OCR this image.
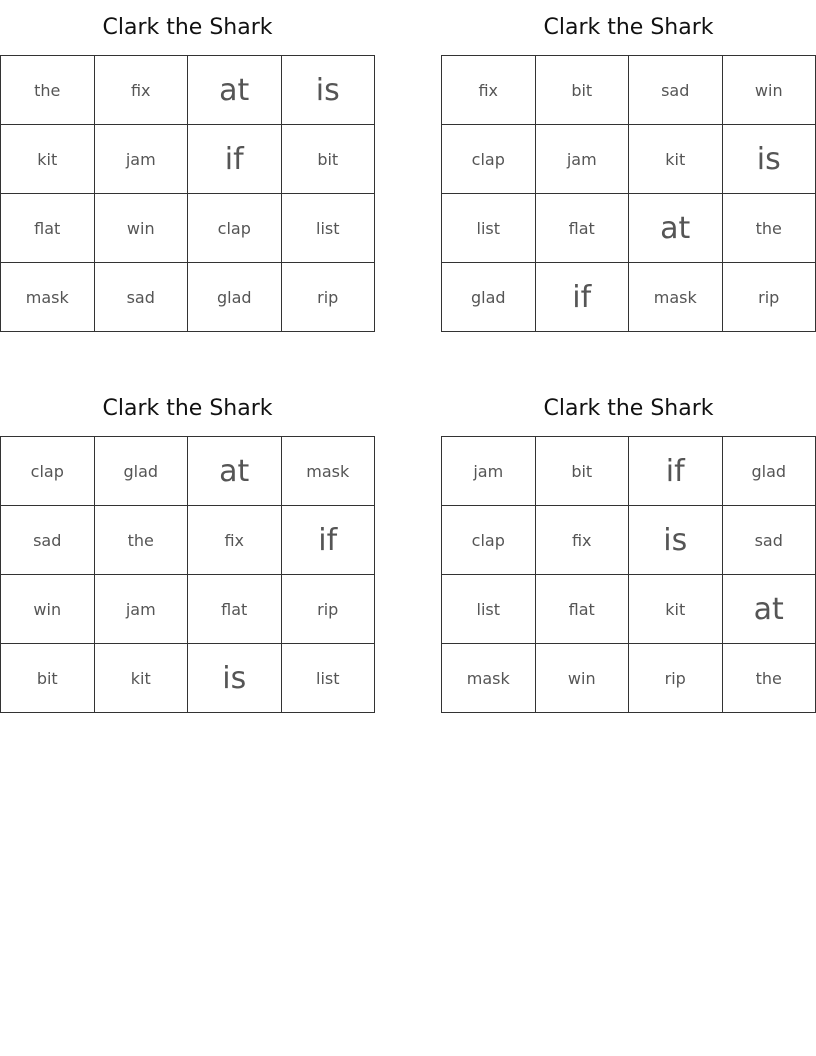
Clark the Shark
the	fix	at	is
kit	jam	if	bit
flat	win	clap	list
mask	sad	glad	rip
Clark the Shark
fix	bit	sad	win
clap	jam	kit	is
list	flat	at	the
glad	if	mask	rip
Clark the Shark
clap	glad	at	mask
sad	the	fix	if
win	jam	flat	rip
bit	kit	is	list
Clark the Shark
jam	bit	if	glad
clap	fix	is	sad
list	flat	kit	at
mask	win	rip	the
